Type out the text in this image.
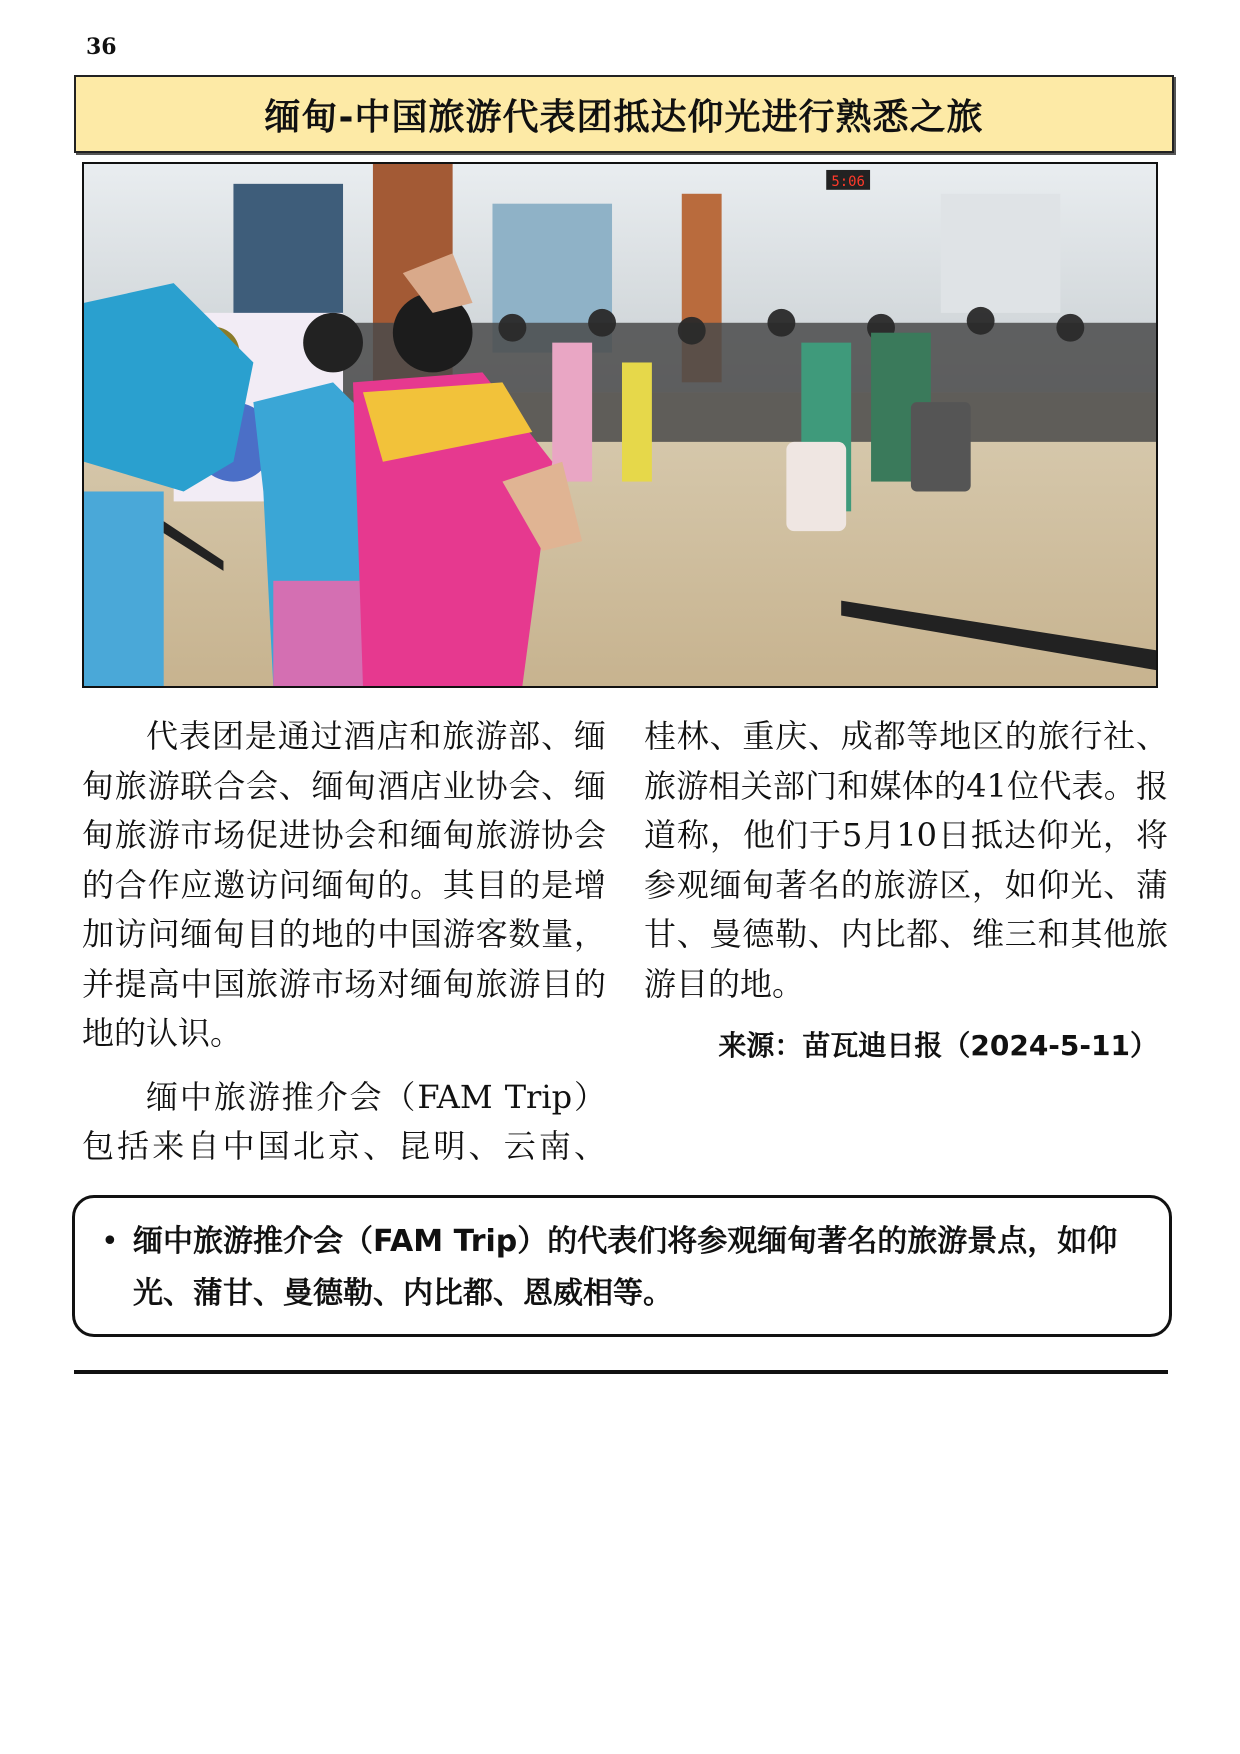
36
缅甸-中国旅游代表团抵达仰光进行熟悉之旅
5:06

代表团是通过酒店和旅游部、缅甸旅游联合会、缅甸酒店业协会、缅甸旅游市场促进协会和缅甸旅游协会的合作应邀访问缅甸的。其目的是增加访问缅甸目的地的中国游客数量，并提高中国旅游市场对缅甸旅游目的地的认识。

缅中旅游推介会（FAM Trip）

包括来自中国北京、昆明、云南、

桂林、重庆、成都等地区的旅行社、旅游相关部门和媒体的41位代表。报道称，他们于5月10日抵达仰光，将参观缅甸著名的旅游区，如仰光、蒲甘、曼德勒、内比都、维三和其他旅游目的地。

来源：苗瓦迪日报（2024-5-11）
• 缅中旅游推介会（FAM Trip）的代表们将参观缅甸著名的旅游景点，如仰光、蒲甘、曼德勒、内比都、恩威相等。
